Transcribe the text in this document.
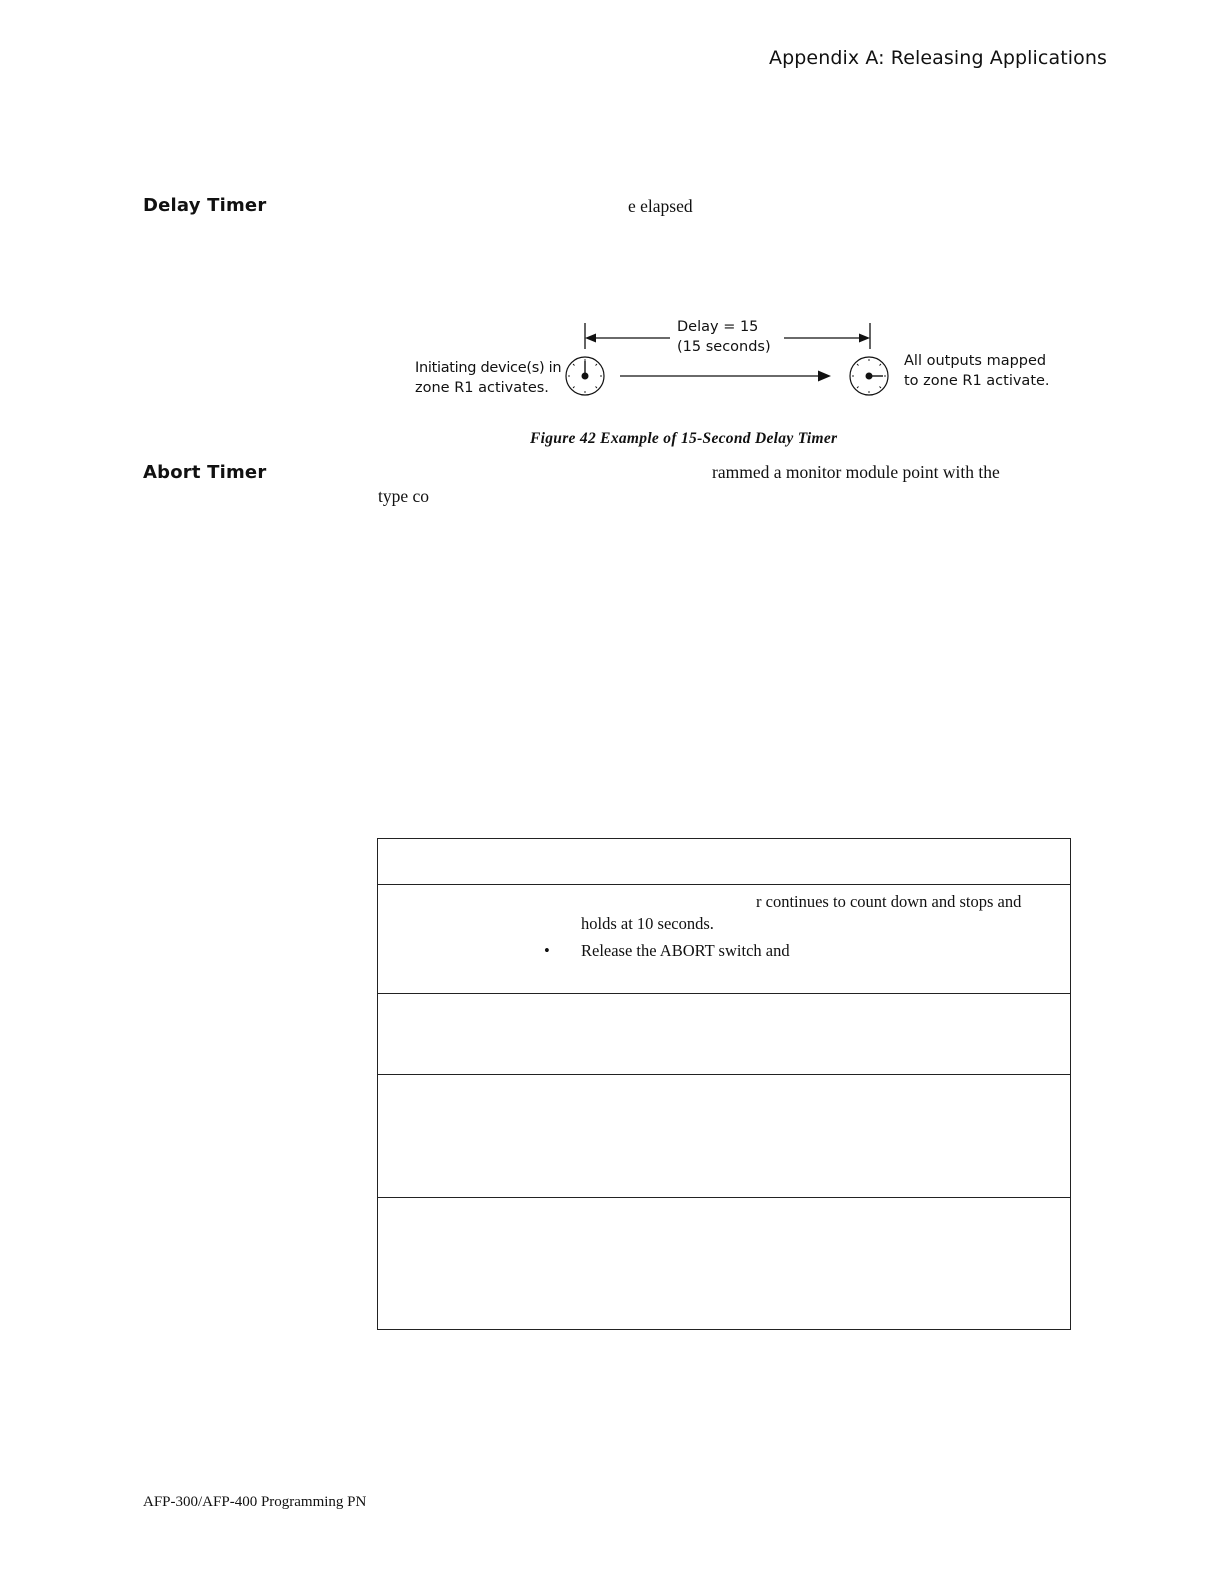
Appendix A: Releasing Applications
Delay Timer	e elapsed
Delay = 15
(15 seconds)
Initiating device(s) in
zone R1 activates.
All outputs mapped
to zone R1 activate.
Figure 42 Example of 15-Second Delay Timer
Abort Timer	rammed a monitor module point with the
type co
r continues to count down and stops and
holds at 10 seconds.
• Release the ABORT switch and
AFP-300/AFP-400 Programming PN
